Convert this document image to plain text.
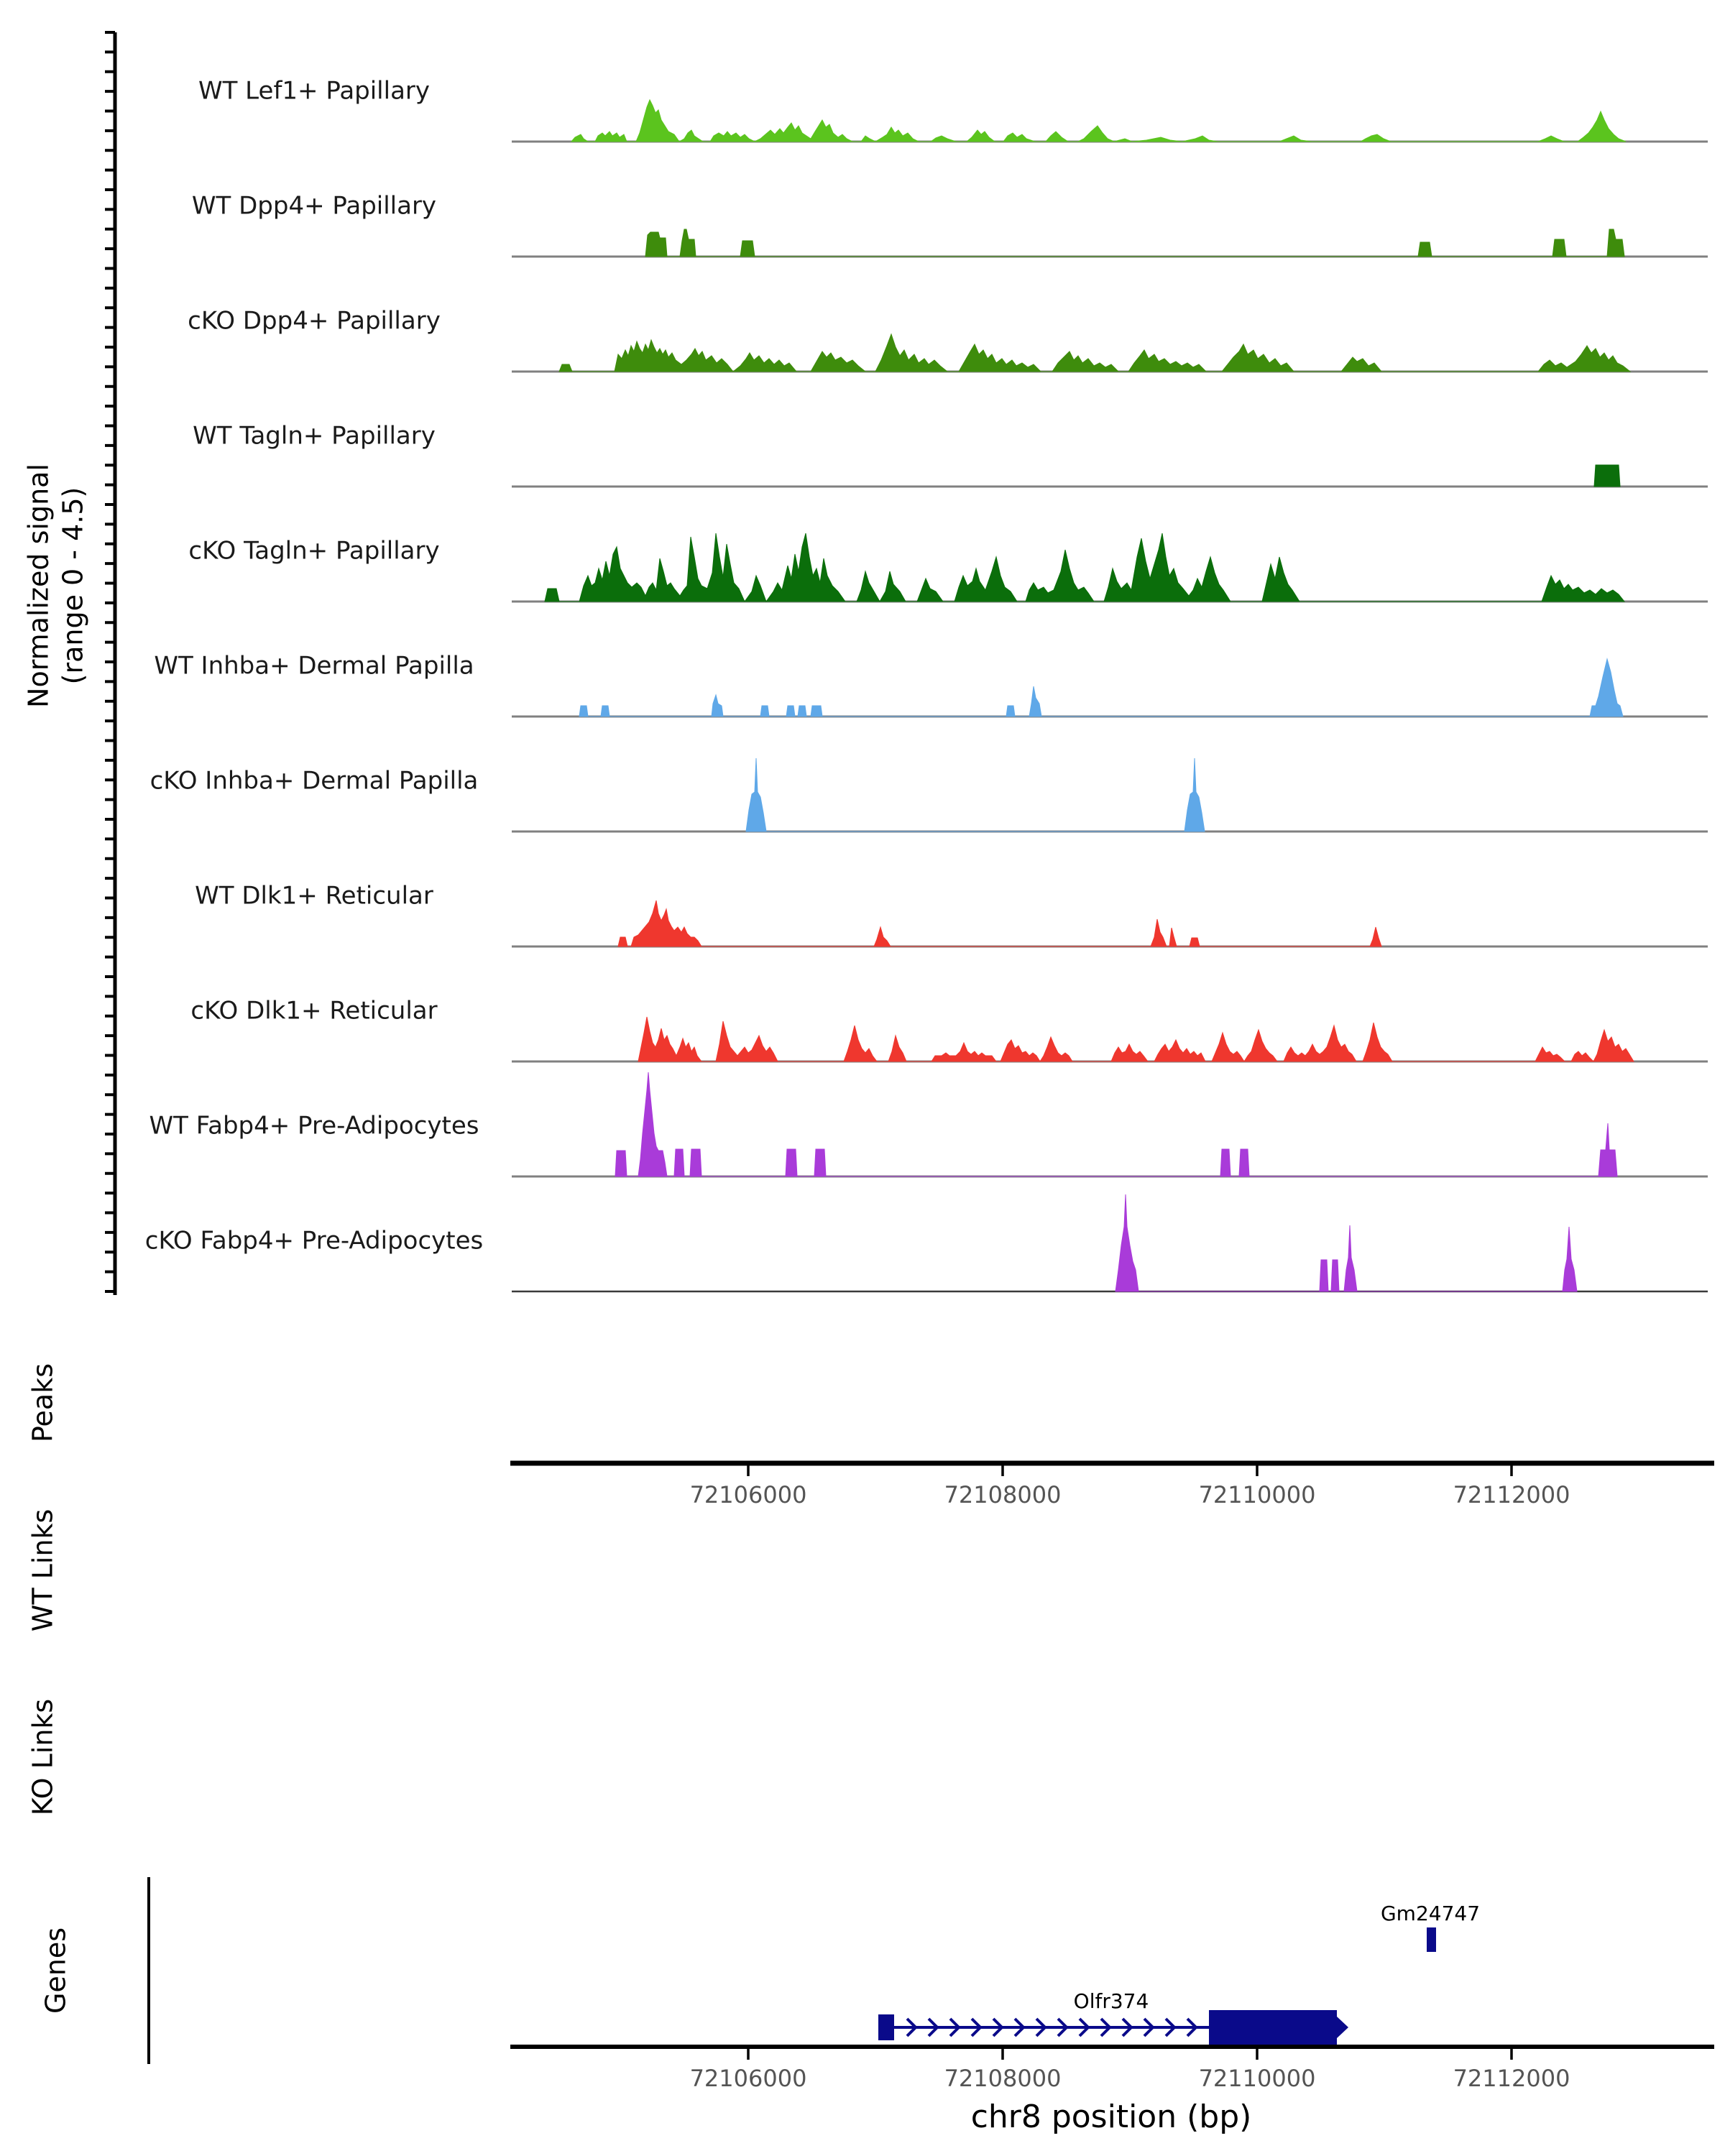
Normalized signal (range 0 - 4.5)
WT Lef1+ Papillary
WT Dpp4+ Papillary
cKO Dpp4+ Papillary
WT Tagln+ Papillary
cKO Tagln+ Papillary
WT Inhba+ Dermal Papilla
cKO Inhba+ Dermal Papilla
WT Dlk1+ Reticular
cKO Dlk1+ Reticular
WT Fabp4+ Pre-Adipocytes
cKO Fabp4+ Pre-Adipocytes
Peaks
WT Links
KO Links
Genes
72106000	72108000	72110000	72112000
72106000	72108000	72110000	72112000
chr8 position (bp)
Olfr374
Gm24747
